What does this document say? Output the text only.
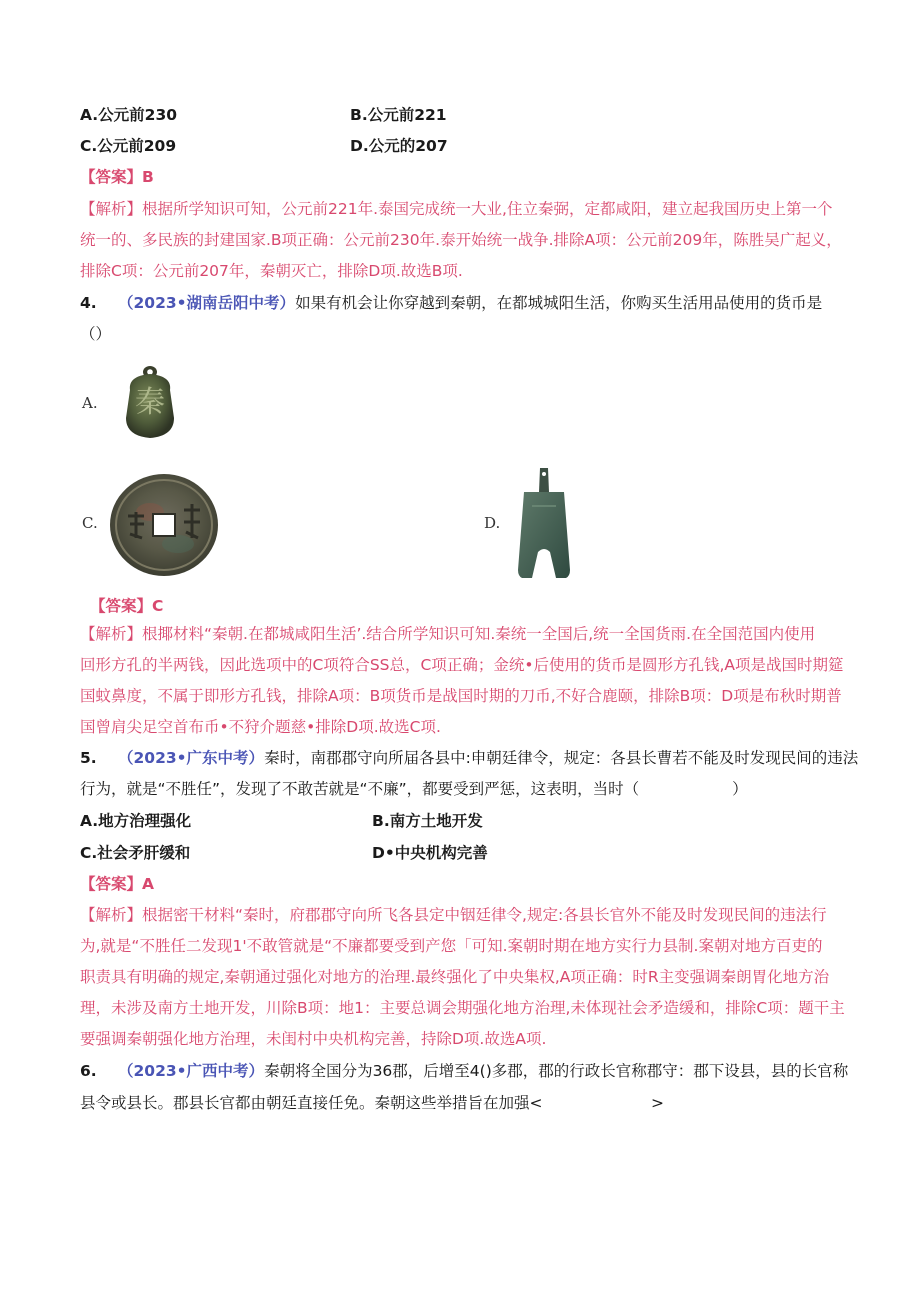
A.公元前230	B.公元前221
C.公元前209	D.公元的207
【答案】B
【解析】根据所学知识可知，公元前221年.泰国完成统一大业,住立秦弼，定都咸阳，建立起我国历史上第一个
统一的、多民族的封建国家.B项正确：公元前230年.泰开始统一战争.排除A项：公元前209年，陈胜吴广起义，
排除C项：公元前207年，秦朝灭亡，排除D项.故选B项.
4. （2023•湖南岳阳中考）如果有机会让你穿越到秦朝，在都城城阳生活，你购买生活用品使用的货币是
（）
A. 秦
C.	D.
【答案】C
【解析】根揶材料“秦朝.在都城咸阳生活’.结合所学知识可知.秦统一全国后,统一全国货雨.在全国范国内使用
回形方孔的半两钱，因此选项中的C项符合SS总，C项正确；金统•后使用的货币是圆形方孔钱,A项是战国时期筵
国蚊鼻度，不属于即形方孔钱，排除A项：B项货币是战国时期的刀币,不好合鹿颐，排除B项：D项是布秋时期普
国曾肩尖足空首布币•不狩介题慈•排除D项.故选C项.
5. （2023•广东中考）秦时，南郡郡守向所届各县中:申朝廷律令，规定：各县长曹若不能及时发现民间的违法
行为，就是“不胜任”，发现了不敢苦就是“不廉”，都要受到严惩，这表明，当时（　　　　　　）
A.地方治理强化	B.南方土地开发
C.社会矛肝缓和	D•中央机构完善
【答案】A
【解析】根据密干材料“秦时，府郡郡守向所飞各县定中铟廷律令,规定:各县长官外不能及时发现民间的违法行
为,就是“不胜任二发现1'不敢管就是“不廉都要受到产您「可知.案朝时期在地方实行力县制.案朝对地方百吏的
职责具有明确的规定,秦朝通过强化对地方的治理.最终强化了中央集权,A项正确：时R主变强调秦朗胃化地方治
理，未涉及南方土地开发，川除B项：地1：主要总调会期强化地方治理,未体现社会矛造缓和，排除C项：题干主
要强调秦朝强化地方治理，未闺村中央机构完善，持除D项.故选A项.
6. （2023•广西中考）秦朝将全国分为36郡，后增至4()多郡，郡的行政长官称郡守：郡下设县，县的长官称
县令或县长。郡县长官都由朝廷直接任免。秦朝这些举措旨在加强<　　　　　　　>
